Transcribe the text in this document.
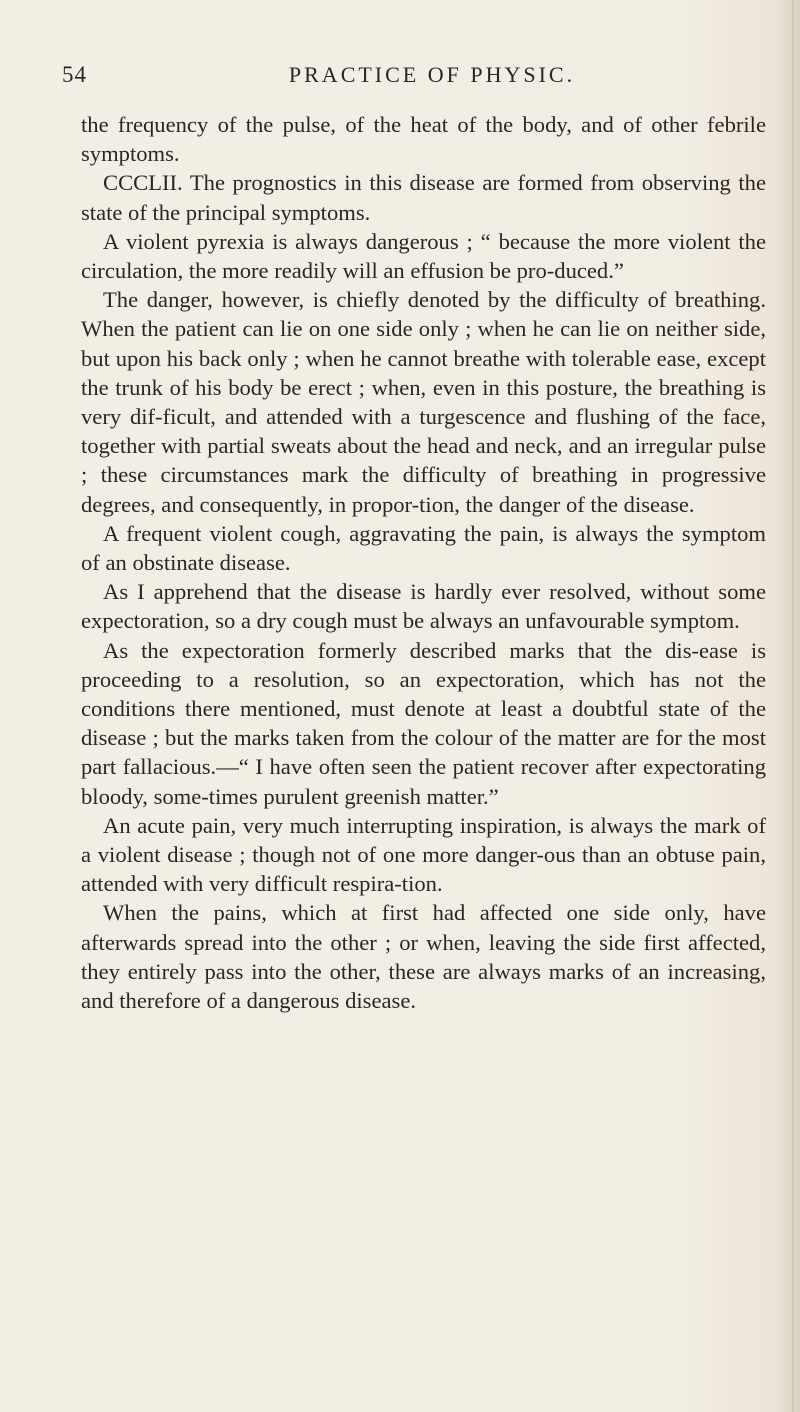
54	PRACTICE OF PHYSIC.

the frequency of the pulse, of the heat of the body, and of other febrile symptoms.

CCCLII. The prognostics in this disease are formed from observing the state of the principal symptoms.

A violent pyrexia is always dangerous ; “ because the more violent the circulation, the more readily will an effusion be pro-duced.”

The danger, however, is chiefly denoted by the difficulty of breathing. When the patient can lie on one side only ; when he can lie on neither side, but upon his back only ; when he cannot breathe with tolerable ease, except the trunk of his body be erect ; when, even in this posture, the breathing is very dif-ficult, and attended with a turgescence and flushing of the face, together with partial sweats about the head and neck, and an irregular pulse ; these circumstances mark the difficulty of breathing in progressive degrees, and consequently, in propor-tion, the danger of the disease.

A frequent violent cough, aggravating the pain, is always the symptom of an obstinate disease.

As I apprehend that the disease is hardly ever resolved, without some expectoration, so a dry cough must be always an unfavourable symptom.

As the expectoration formerly described marks that the dis-ease is proceeding to a resolution, so an expectoration, which has not the conditions there mentioned, must denote at least a doubtful state of the disease ; but the marks taken from the colour of the matter are for the most part fallacious.—“ I have often seen the patient recover after expectorating bloody, some-times purulent greenish matter.”

An acute pain, very much interrupting inspiration, is always the mark of a violent disease ; though not of one more danger-ous than an obtuse pain, attended with very difficult respira-tion.

When the pains, which at first had affected one side only, have afterwards spread into the other ; or when, leaving the side first affected, they entirely pass into the other, these are always marks of an increasing, and therefore of a dangerous disease.
